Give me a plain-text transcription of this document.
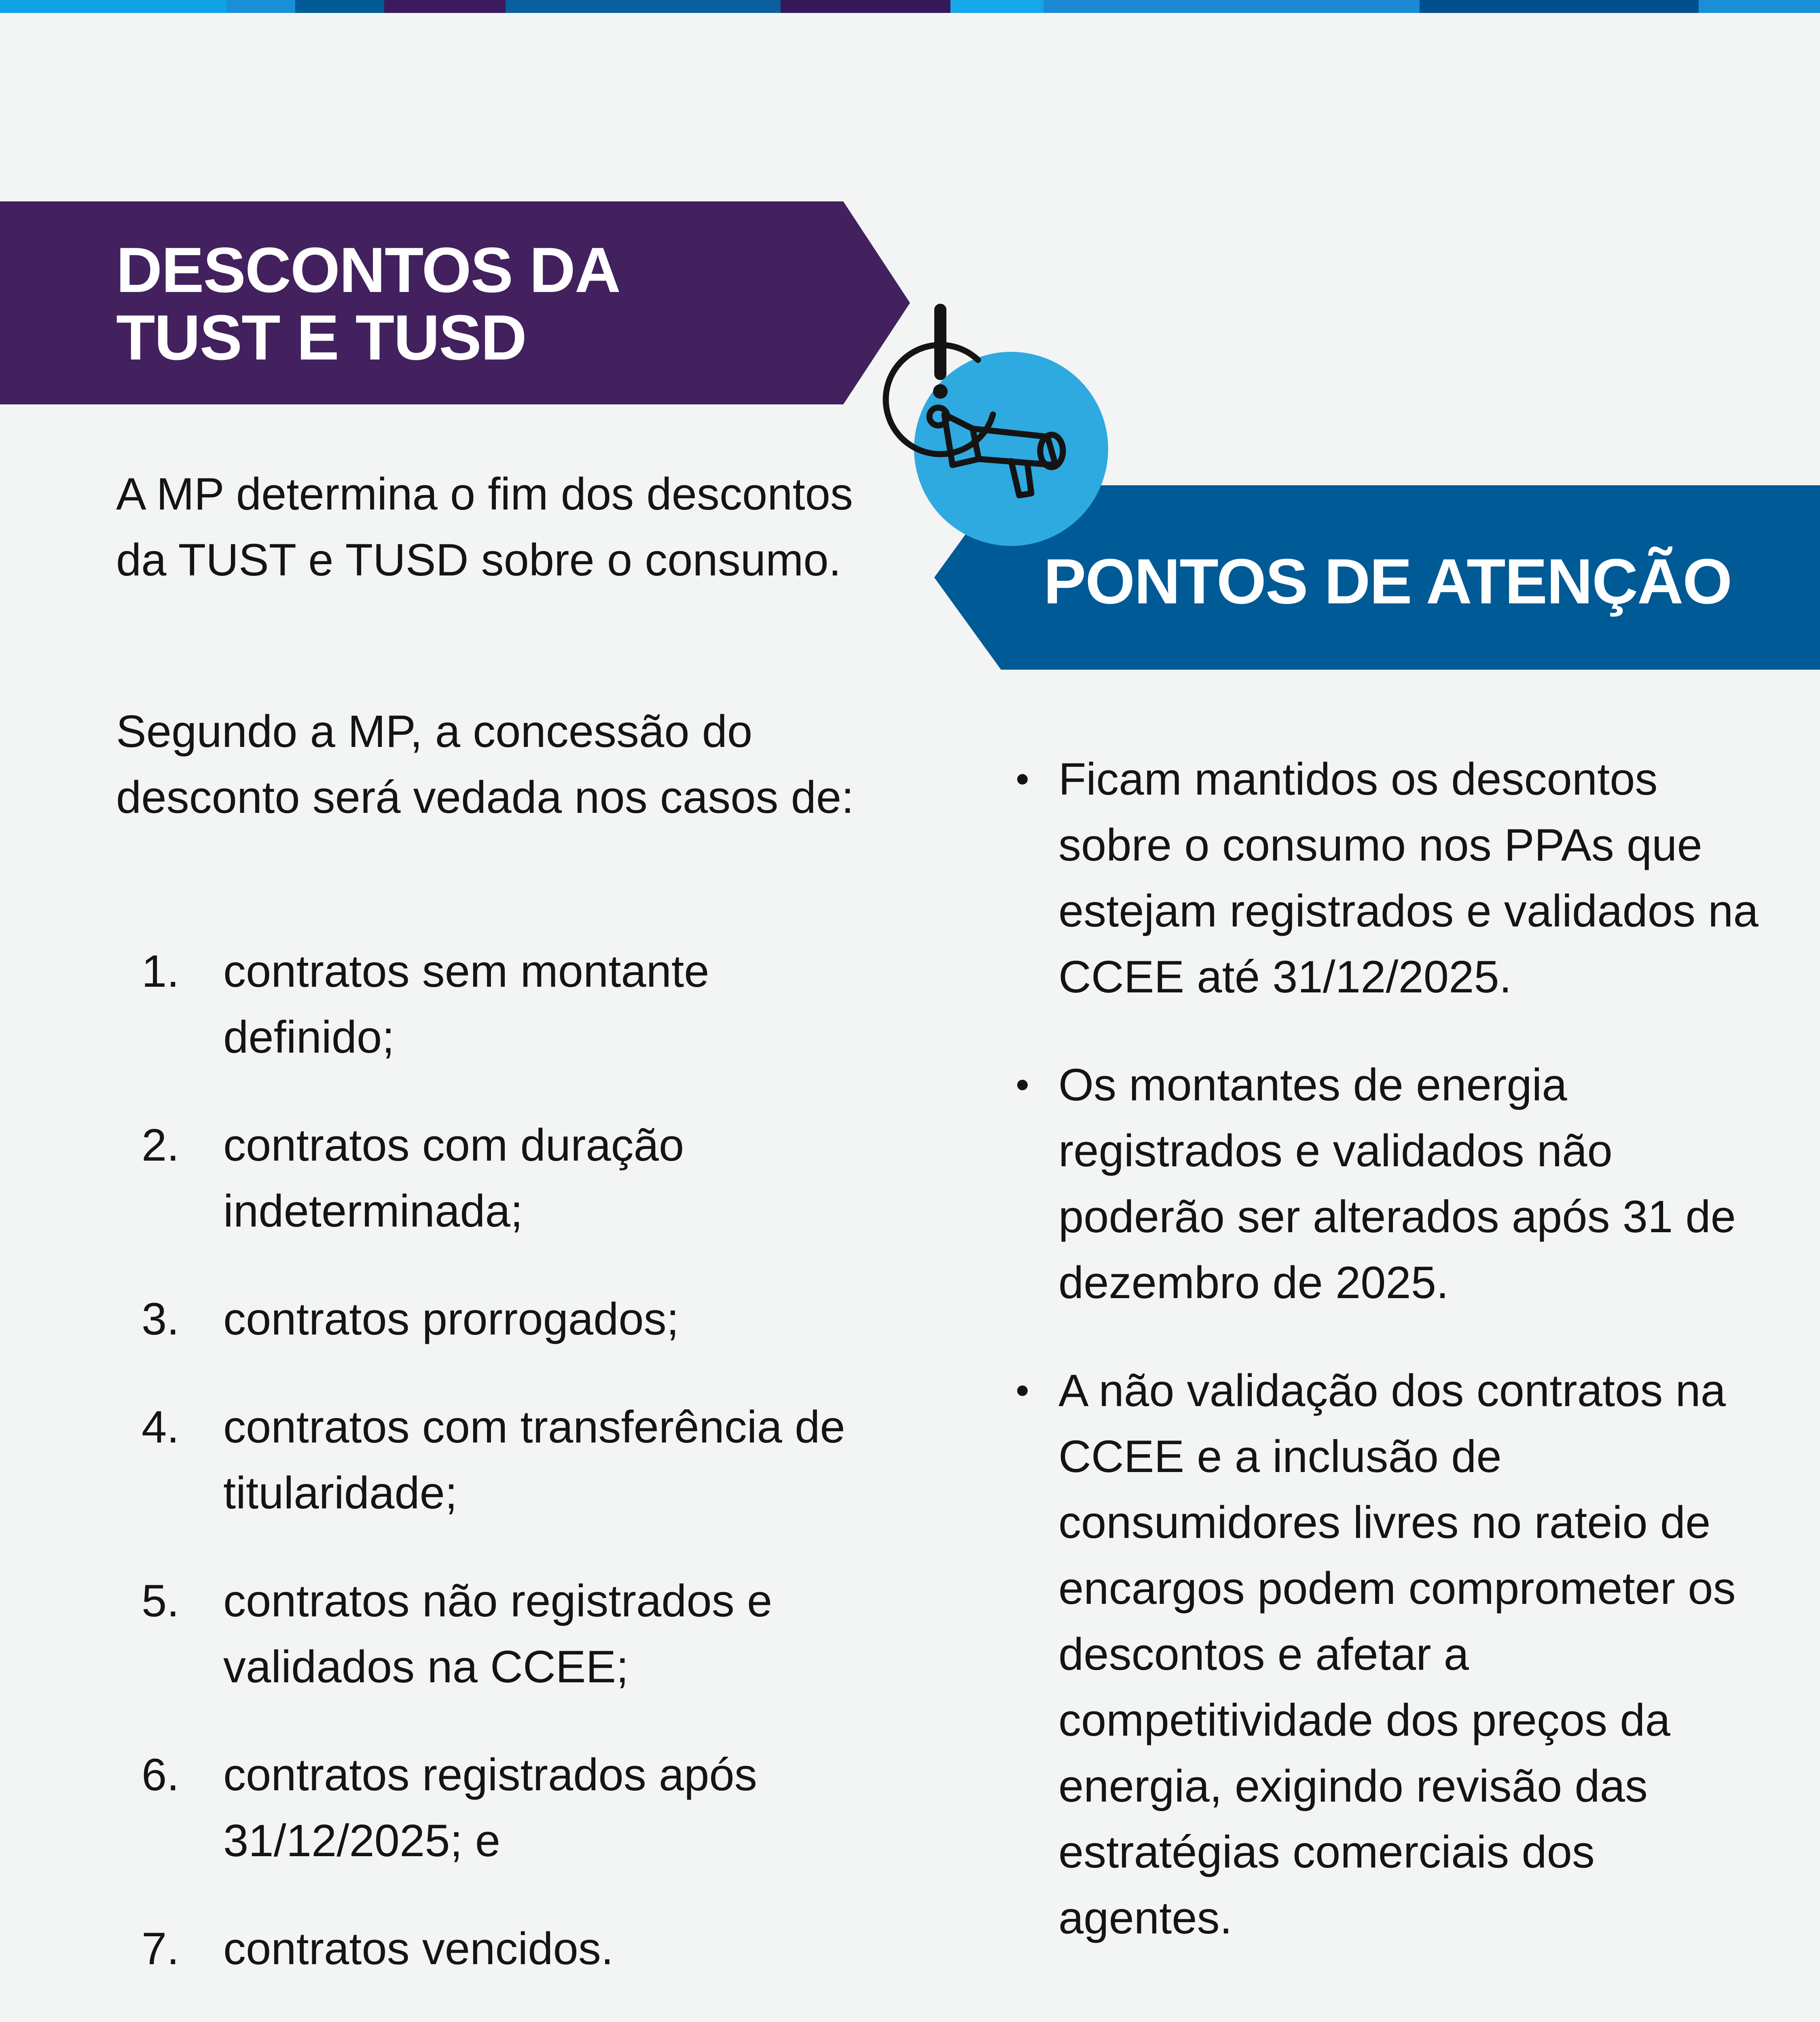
DESCONTOS DA
TUST E TUSD
PONTOS DE ATENÇÃO
A MP determina o fim dos descontos da TUST e TUSD sobre o consumo.
Segundo a MP, a concessão do desconto será vedada nos casos de:
1. contratos sem montante definido;
2. contratos com duração indeterminada;
3. contratos prorrogados;
4. contratos com transferência de titularidade;
5. contratos não registrados e validados na CCEE;
6. contratos registrados após 31/12/2025; e
7. contratos vencidos.
Ficam mantidos os descontos sobre o consumo nos PPAs que estejam registrados e validados na CCEE até 31/12/2025.
Os montantes de energia registrados e validados não poderão ser alterados após 31 de dezembro de 2025.
A não validação dos contratos na CCEE e a inclusão de consumidores livres no rateio de encargos podem comprometer os descontos e afetar a competitividade dos preços da energia, exigindo revisão das estratégias comerciais dos agentes.
